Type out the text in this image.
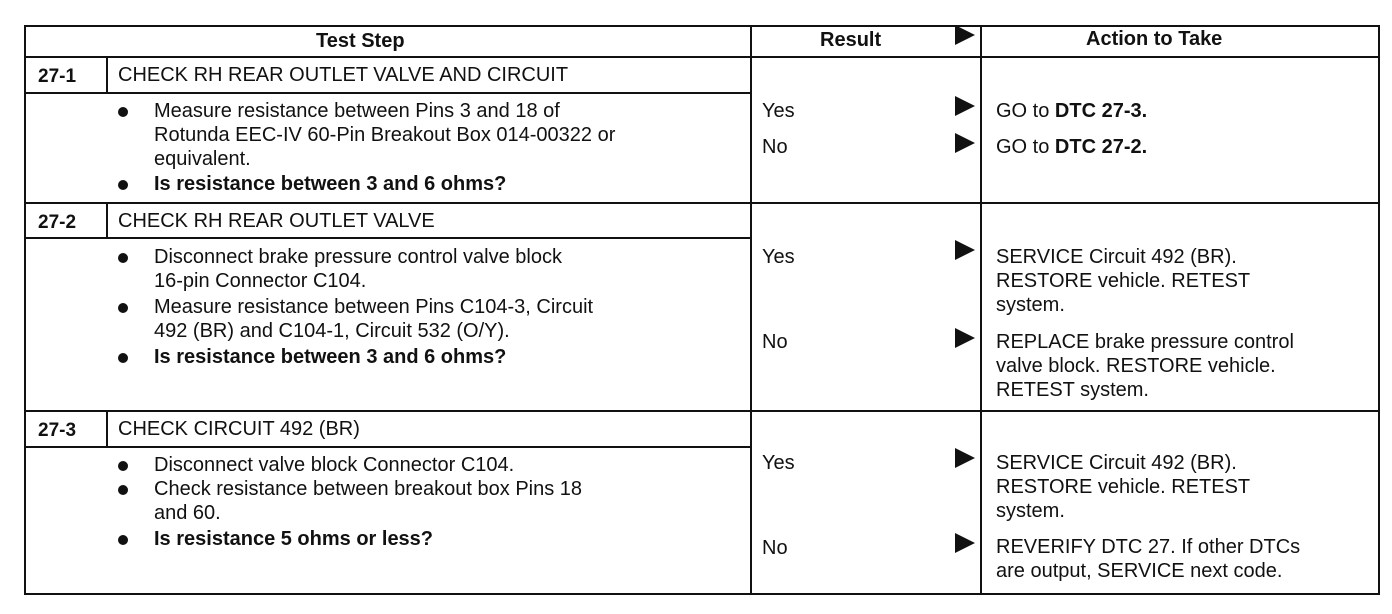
Test Step	Result	Action to Take
27-1 CHECK RH REAR OUTLET VALVE AND CIRCUIT
Measure resistance between Pins 3 and 18 of
Rotunda EEC-IV 60-Pin Breakout Box 014-00322 or
equivalent.
Is resistance between 3 and 6 ohms?
Yes	GO to DTC 27-3.
No	GO to DTC 27-2.
27-2 CHECK RH REAR OUTLET VALVE
Disconnect brake pressure control valve block
16-pin Connector C104.
Measure resistance between Pins C104-3, Circuit
492 (BR) and C104-1, Circuit 532 (O/Y).
Is resistance between 3 and 6 ohms?
Yes	SERVICE Circuit 492 (BR).
RESTORE vehicle. RETEST
system.
No	REPLACE brake pressure control
valve block. RESTORE vehicle.
RETEST system.
27-3 CHECK CIRCUIT 492 (BR)
Disconnect valve block Connector C104.
Check resistance between breakout box Pins 18
and 60.
Is resistance 5 ohms or less?
Yes	SERVICE Circuit 492 (BR).
RESTORE vehicle. RETEST
system.
No	REVERIFY DTC 27. If other DTCs
are output, SERVICE next code.
